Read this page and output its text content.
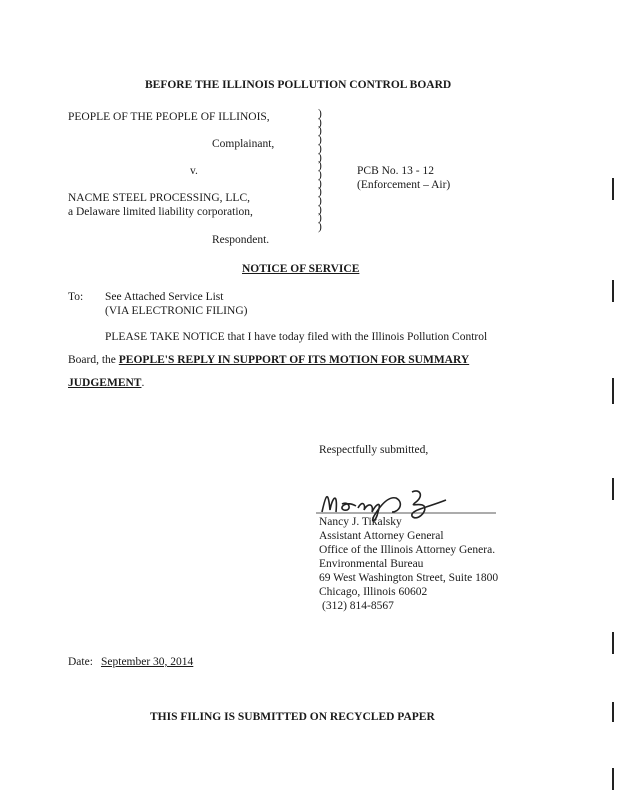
BEFORE THE ILLINOIS POLLUTION CONTROL BOARD
PEOPLE OF THE PEOPLE OF ILLINOIS,
Complainant,
v.
NACME STEEL PROCESSING, LLC,
a Delaware limited liability corporation,
Respondent.
)
)
)
)
)
)
)
)
)
)
)
)
)
)
PCB No. 13 - 12
(Enforcement – Air)
NOTICE OF SERVICE
To: See Attached Service List
(VIA ELECTRONIC FILING)
PLEASE TAKE NOTICE that I have today filed with the Illinois Pollution Control
Board, the PEOPLE'S REPLY IN SUPPORT OF ITS MOTION FOR SUMMARY
JUDGEMENT.
Respectfully submitted,
Nancy J. Tikalsky
Assistant Attorney General
Office of the Illinois Attorney Genera.
Environmental Bureau
69 West Washington Street, Suite 1800
Chicago, Illinois 60602
(312) 814-8567
Date: September 30, 2014
THIS FILING IS SUBMITTED ON RECYCLED PAPER
